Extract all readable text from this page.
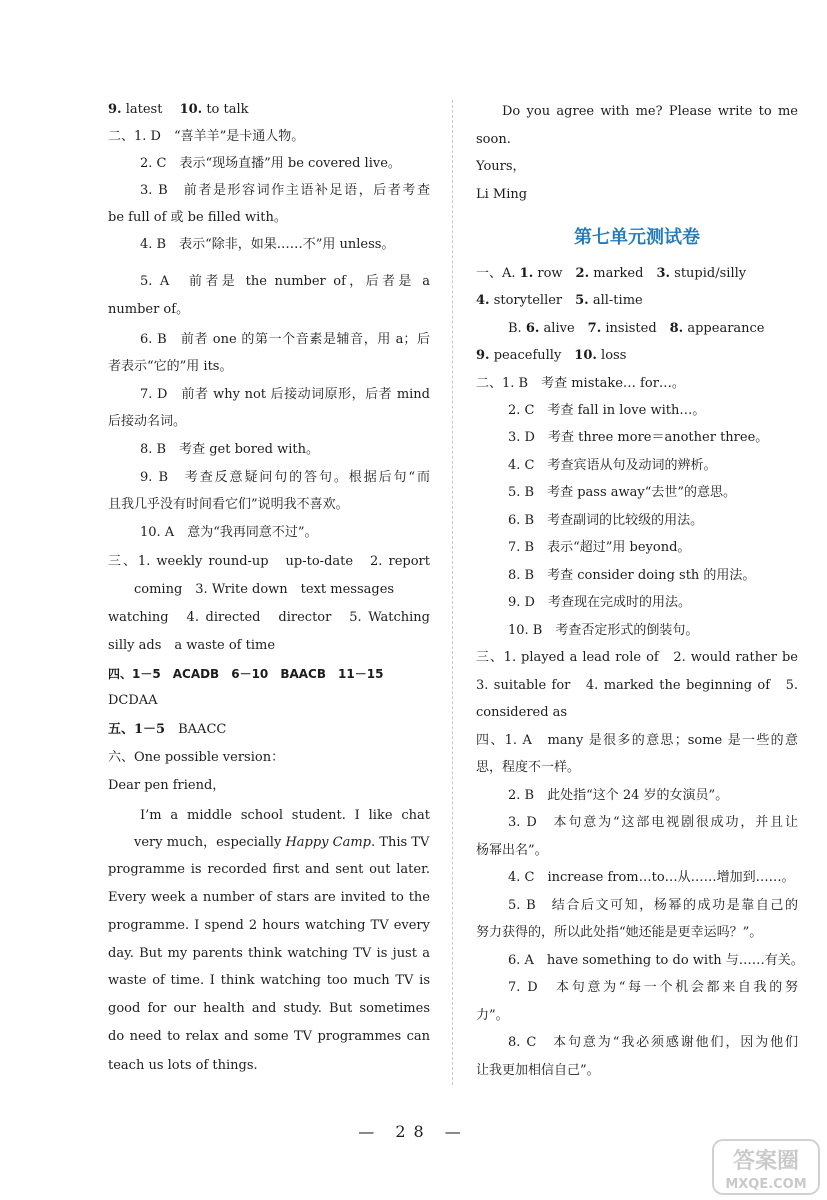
9. latest　 10. to talk
二、1. D　“喜羊羊”是卡通人物。
2. C　表示“现场直播”用 be covered live。
3. B　前者是形容词作主语补足语，后者考查
be full of 或 be filled with。
4. B　表示“除非，如果……不”用 unless。
5. A　前者是 the number of，后者是 a
number of。
6. B　前者 one 的第一个音素是辅音，用 a；后
者表示“它的”用 its。
7. D　前者 why not 后接动词原形，后者 mind
后接动名词。
8. B　考查 get bored with。
9. B　考查反意疑问句的答句。根据后句“而
且我几乎没有时间看它们”说明我不喜欢。
10. A　意为“我再同意不过”。
三、1. weekly round-up　up-to-date　2. report
coming　3. Write down　text messages
watching　4. directed　director　5. Watching
silly ads　a waste of time
四、1－5　 ACADB　 6－10　 BAACB　 11－15
DCDAA
五、1－5　 BAACC
六、One possible version：
Dear pen friend，
I’m a middle school student. I like chat
very much，especially Happy Camp. This TV
programme is recorded first and sent out later.
Every week a number of stars are invited to the
programme. I spend 2 hours watching TV every
day. But my parents think watching TV is just a
waste of time. I think watching too much TV is
good for our health and study. But sometimes
do need to relax and some TV programmes can
teach us lots of things.
Do you agree with me? Please write to me
soon.
Yours，
Li Ming
第七单元测试卷
一、A. 1. row　2. marked　3. stupid/silly
4. storyteller　5. all-time
B. 6. alive　7. insisted　8. appearance
9. peacefully　10. loss
二、1. B　考查 mistake… for…。
2. C　考查 fall in love with…。
3. D　考查 three more＝another three。
4. C　考查宾语从句及动词的辨析。
5. B　考查 pass away“去世”的意思。
6. B　考查副词的比较级的用法。
7. B　表示“超过”用 beyond。
8. B　考查 consider doing sth 的用法。
9. D　考查现在完成时的用法。
10. B　考查否定形式的倒装句。
三、1. played a lead role of　2. would rather be
3. suitable for　4. marked the beginning of　5.
considered as
四、1. A　many 是很多的意思；some 是一些的意
思，程度不一样。
2. B　此处指“这个 24 岁的女演员”。
3. D　本句意为“这部电视剧很成功，并且让
杨幂出名”。
4. C　increase from…to…从……增加到……。
5. B　结合后文可知，杨幂的成功是靠自己的
努力获得的，所以此处指“她还能是更幸运吗？”。
6. A　have something to do with 与……有关。
7. D　本句意为“每一个机会都来自我的努
力”。
8. C　本句意为“我必须感谢他们，因为他们
让我更加相信自己”。
— 28 —
答案圈
MXQE.COM
